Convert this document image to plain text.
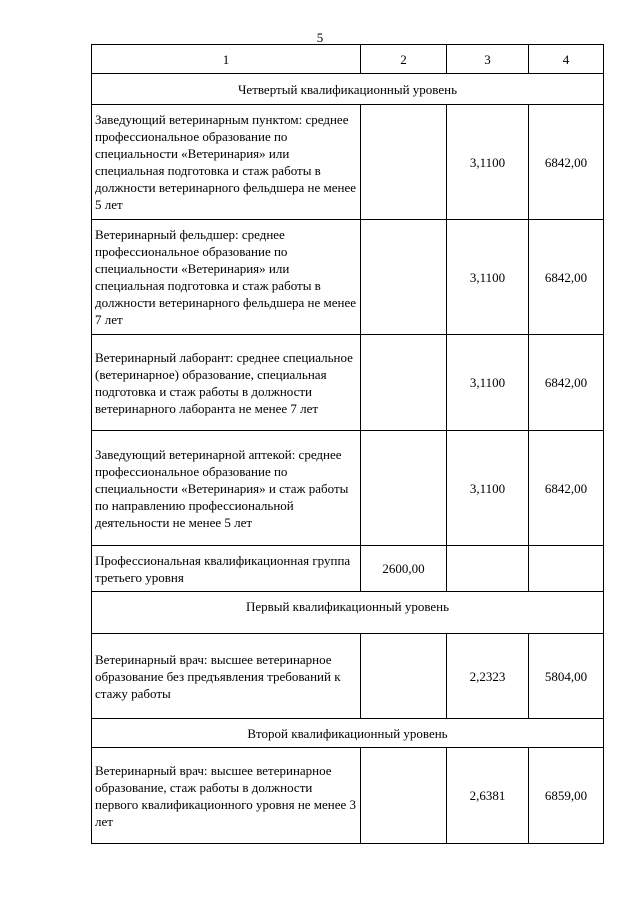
5
1	2	3	4
Четвертый квалификационный уровень			
Заведующий ветеринарным пунктом: среднее профессиональное образование по специальности «Ветеринария» или специальная подготовка и стаж работы в должности ветеринарного фельдшера не менее 5 лет		3,1100	6842,00
Ветеринарный фельдшер: среднее профессиональное образование по специальности «Ветеринария» или специальная подготовка и стаж работы в должности ветеринарного фельдшера не менее 7 лет		3,1100	6842,00
Ветеринарный лаборант: среднее специальное (ветеринарное) образование, специальная подготовка и стаж работы в должности ветеринарного лаборанта не менее 7 лет		3,1100	6842,00
Заведующий ветеринарной аптекой: среднее профессиональное образование по специальности «Ветеринария» и стаж работы по направлению профессиональной деятельности не менее 5 лет		3,1100	6842,00
Профессиональная квалификационная группа третьего уровня	2600,00		
Первый квалификационный уровень			
Ветеринарный врач: высшее ветеринарное образование без предъявления требований к стажу работы		2,2323	5804,00
Второй квалификационный уровень			
Ветеринарный врач: высшее ветеринарное образование, стаж работы в должности первого квалификационного уровня не менее 3 лет		2,6381	6859,00
